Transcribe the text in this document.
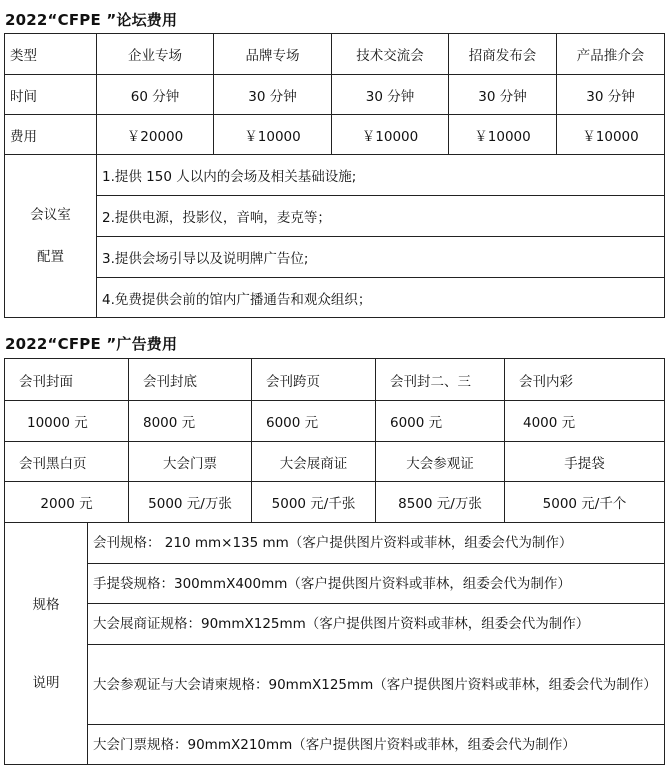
2022“CFPE ”论坛费用
类型	企业专场	品牌专场	技术交流会	招商发布会	产品推介会
时间	60 分钟	30 分钟	30 分钟	30 分钟	30 分钟
费用	￥20000	￥10000	￥10000	￥10000	￥10000

会议室
配置	1.提供 150 人以内的会场及相关基础设施;				
	2.提供电源，投影仪，音响，麦克等；				
	3.提供会场引导以及说明牌广告位;				
	4.免费提供会前的馆内广播通告和观众组织；				
2022“CFPE ”广告费用
会刊封面		会刊封底	会刊跨页	会刊封二、三	会刊内彩
10000 元		8000 元	6000 元	6000 元	4000 元
会刊黑白页		大会门票	大会展商证	大会参观证	手提袋
2000 元		5000 元/万张	5000 元/千张	8500 元/万张	5000 元/千个

规格
说明	会刊规格： 210 mm×135 mm（客户提供图片资料或菲林，组委会代为制作）				
	手提袋规格：300mmX400mm（客户提供图片资料或菲林，组委会代为制作）				
	大会展商证规格：90mmX125mm（客户提供图片资料或菲林，组委会代为制作）				
	大会参观证与大会请柬规格：90mmX125mm（客户提供图片资料或菲林，组委会代为制作）				
	大会门票规格：90mmX210mm（客户提供图片资料或菲林，组委会代为制作）				
